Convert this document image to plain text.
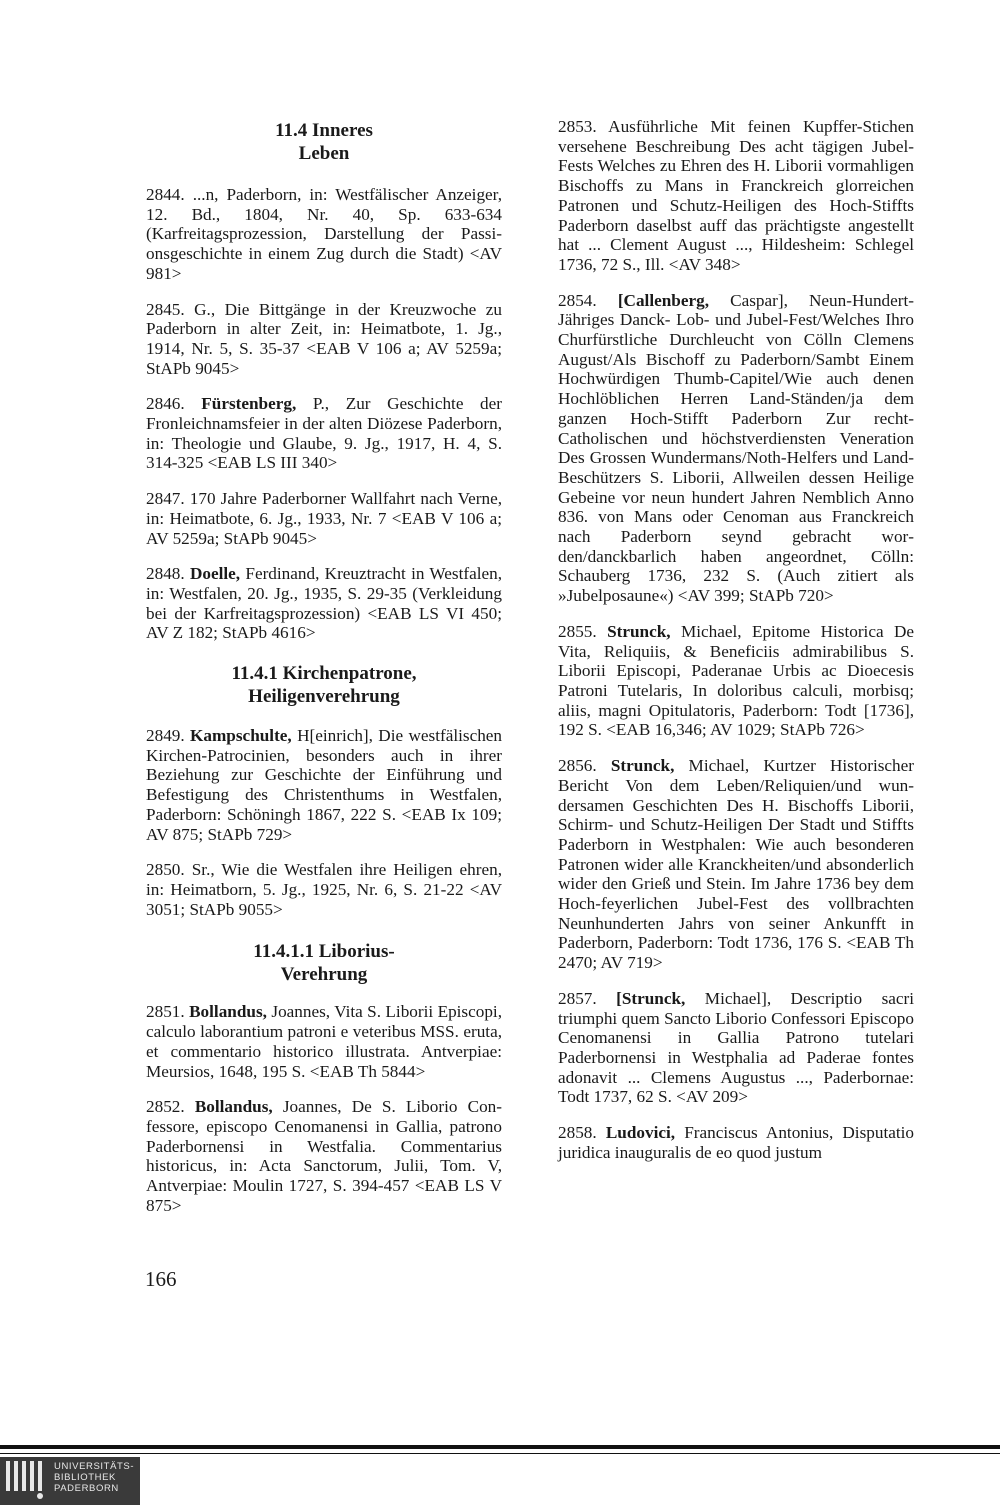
11.4 Inneres
Leben

2844. ...n, Paderborn, in: Westfälischer Anzeiger, 12. Bd., 1804, Nr. 40, Sp. 633-634 (Karfreitagsprozession, Darstellung der Passionsgeschichte in einem Zug durch die Stadt) <AV 981>

2845. G., Die Bittgänge in der Kreuzwoche zu Paderborn in alter Zeit, in: Heimatbote, 1. Jg., 1914, Nr. 5, S. 35-37 <EAB V 106 a; AV 5259a; StAPb 9045>

2846. Fürstenberg, P., Zur Geschichte der Fronleichnamsfeier in der alten Diözese Paderborn, in: Theologie und Glaube, 9. Jg., 1917, H. 4, S. 314-325 <EAB LS III 340>

2847. 170 Jahre Paderborner Wallfahrt nach Verne, in: Heimatbote, 6. Jg., 1933, Nr. 7 <EAB V 106 a; AV 5259a; StAPb 9045>

2848. Doelle, Ferdinand, Kreuztracht in Westfalen, in: Westfalen, 20. Jg., 1935, S. 29-35 (Verkleidung bei der Karfreitagsprozession) <EAB LS VI 450; AV Z 182; StAPb 4616>

11.4.1 Kirchenpatrone,
Heiligenverehrung

2849. Kampschulte, H[einrich], Die westfälischen Kirchen-Patrocinien, besonders auch in ihrer Beziehung zur Geschichte der Einführung und Befestigung des Christenthums in Westfalen, Paderborn: Schöningh 1867, 222 S. <EAB Ix 109; AV 875; StAPb 729>

2850. Sr., Wie die Westfalen ihre Heiligen ehren, in: Heimatborn, 5. Jg., 1925, Nr. 6, S. 21-22 <AV 3051; StAPb 9055>

11.4.1.1 Liborius-
Verehrung

2851. Bollandus, Joannes, Vita S. Liborii Episcopi, calculo laborantium patroni e veteribus MSS. eruta, et commentario historico illustrata. Antverpiae: Meursios, 1648, 195 S. <EAB Th 5844>

2852. Bollandus, Joannes, De S. Liborio Confessore, episcopo Cenomanensi in Gallia, patrono Paderbornensi in Westfalia. Commentarius historicus, in: Acta Sanctorum, Julii, Tom. V, Antverpiae: Moulin 1727, S. 394-457 <EAB LS V 875>

2853. Ausführliche Mit feinen Kupffer-Stichen versehene Beschreibung Des acht tägigen Jubel-Fests Welches zu Ehren des H. Liborii vormahligen Bischoffs zu Mans in Franckreich glorreichen Patronen und Schutz-Heiligen des Hoch-Stiffts Paderborn daselbst auff das prächtigste angestellt hat ... Clement August ..., Hildesheim: Schlegel 1736, 72 S., Ill. <AV 348>

2854. [Callenberg, Caspar], Neun-Hundert-Jähriges Danck- Lob- und Jubel-Fest/Welches Ihro Churfürstliche Durchleucht von Cölln Clemens August/Als Bischoff zu Paderborn/Sambt Einem Hochwürdigen Thumb-Capitel/Wie auch denen Hochlöblichen Herren Land-Ständen/ja dem ganzen Hoch-Stifft Paderborn Zur recht-Catholischen und höchstverdiensten Veneration Des Grossen Wundermans/Noth-Helfers und Land-Beschützers S. Liborii, Allweilen dessen Heilige Gebeine vor neun hundert Jahren Nemblich Anno 836. von Mans oder Cenoman aus Franckreich nach Paderborn seynd gebracht worden/danckbarlich haben angeordnet, Cölln: Schauberg 1736, 232 S. (Auch zitiert als »Jubelposaune«) <AV 399; StAPb 720>

2855. Strunck, Michael, Epitome Historica De Vita, Reliquiis, & Beneficiis admirabilibus S. Liborii Episcopi, Paderanae Urbis ac Dioecesis Patroni Tutelaris, In doloribus calculi, morbisq; aliis, magni Opitulatoris, Paderborn: Todt [1736], 192 S. <EAB 16,346; AV 1029; StAPb 726>

2856. Strunck, Michael, Kurtzer Historischer Bericht Von dem Leben/Reliquien/und wundersamen Geschichten Des H. Bischoffs Liborii, Schirm- und Schutz-Heiligen Der Stadt und Stiffts Paderborn in Westphalen: Wie auch besonderen Patronen wider alle Kranckheiten/und absonderlich wider den Grieß und Stein. Im Jahre 1736 bey dem Hoch-feyerlichen Jubel-Fest des vollbrachten Neunhunderten Jahrs von seiner Ankunfft in Paderborn, Paderborn: Todt 1736, 176 S. <EAB Th 2470; AV 719>

2857. [Strunck, Michael], Descriptio sacri triumphi quem Sancto Liborio Confessori Episcopo Cenomanensi in Gallia Patrono tutelari Paderbornensi in Westphalia ad Paderae fontes adonavit ... Clemens Augustus ..., Paderbornae: Todt 1737, 62 S. <AV 209>

2858. Ludovici, Franciscus Antonius, Disputatio juridica inauguralis de eo quod justum

166
UNIVERSITÄTS-
BIBLIOTHEK
PADERBORN
